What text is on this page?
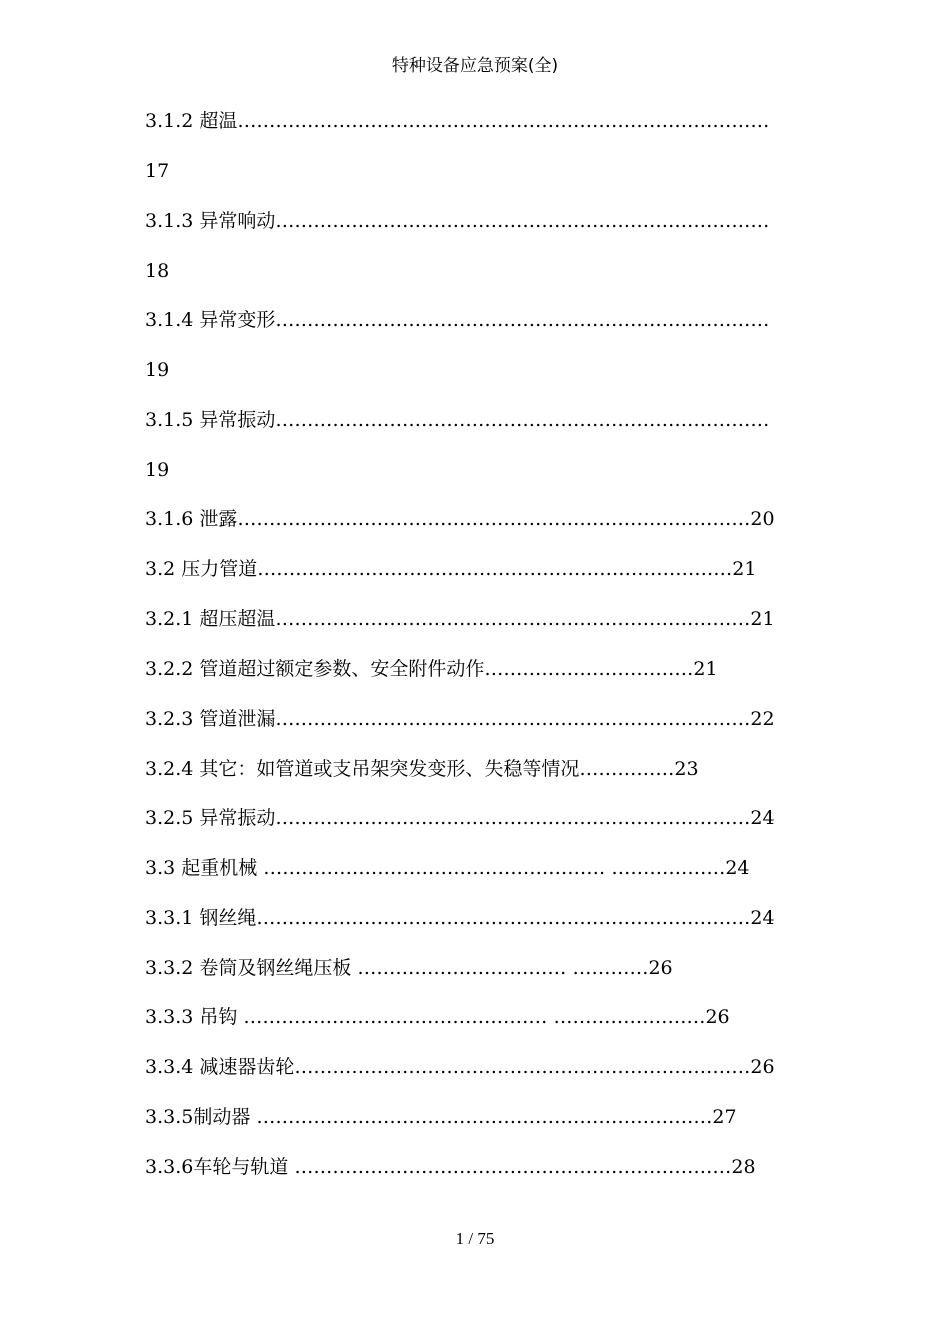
特种设备应急预案(全)
3.1.2 超温…………………………………………………………………………
17
3.1.3 异常响动……………………………………………………………………
18
3.1.4 异常变形……………………………………………………………………
19
3.1.5 异常振动……………………………………………………………………
19
3.1.6 泄露………………………………………………………………………20
3.2 压力管道…………………………………………………………………21
3.2.1 超压超温…………………………………………………………………21
3.2.2 管道超过额定参数、安全附件动作……………………………21
3.2.3 管道泄漏…………………………………………………………………22
3.2.4 其它：如管道或支吊架突发变形、失稳等情况……………23
3.2.5 异常振动…………………………………………………………………24
3.3 起重机械 ……………………………………………… ………………24
3.3.1 钢丝绳……………………………………………………………………24
3.3.2 卷筒及钢丝绳压板 …………………………… …………26
3.3.3 吊钩 ………………………………………… ……………………26
3.3.4 减速器齿轮………………………………………………………………26
3.3.5制动器 ………………………………………………………………27
3.3.6车轮与轨道 ……………………………………………………………28
1 / 75
